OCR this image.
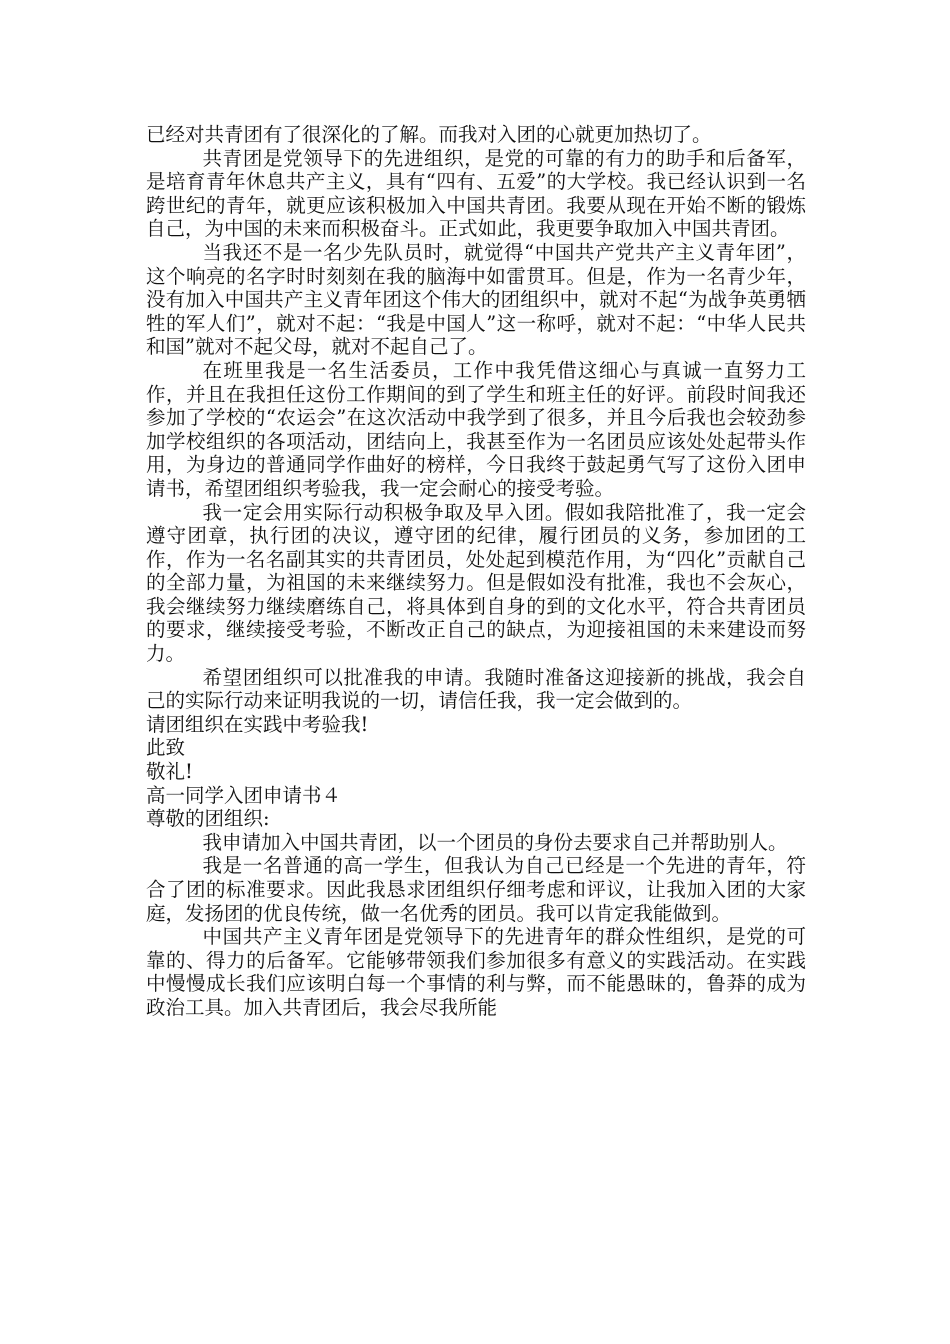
已经对共青团有了很深化的了解。而我对入团的心就更加热切了。

共青团是党领导下的先进组织，是党的可靠的有力的助手和后备军，是培育青年休息共产主义，具有“四有、五爱”的大学校。我已经认识到一名跨世纪的青年，就更应该积极加入中国共青团。我要从现在开始不断的锻炼自己，为中国的未来而积极奋斗。正式如此，我更要争取加入中国共青团。

当我还不是一名少先队员时，就觉得“中国共产党共产主义青年团”，这个响亮的名字时时刻刻在我的脑海中如雷贯耳。但是，作为一名青少年，没有加入中国共产主义青年团这个伟大的团组织中，就对不起“为战争英勇牺牲的军人们”，就对不起：“我是中国人”这一称呼，就对不起：“中华人民共和国”就对不起父母，就对不起自己了。

在班里我是一名生活委员，工作中我凭借这细心与真诚一直努力工作，并且在我担任这份工作期间的到了学生和班主任的好评。前段时间我还参加了学校的“农运会”在这次活动中我学到了很多，并且今后我也会较劲参加学校组织的各项活动，团结向上，我甚至作为一名团员应该处处起带头作用，为身边的普通同学作曲好的榜样，今日我终于鼓起勇气写了这份入团申请书，希望团组织考验我，我一定会耐心的接受考验。

我一定会用实际行动积极争取及早入团。假如我陪批准了，我一定会遵守团章，执行团的决议，遵守团的纪律，履行团员的义务，参加团的工作，作为一名名副其实的共青团员，处处起到模范作用，为“四化”贡献自己的全部力量，为祖国的未来继续努力。但是假如没有批准，我也不会灰心，我会继续努力继续磨练自己，将具体到自身的到的文化水平，符合共青团员的要求，继续接受考验，不断改正自己的缺点，为迎接祖国的未来建设而努力。

希望团组织可以批准我的申请。我随时准备这迎接新的挑战，我会自己的实际行动来证明我说的一切，请信任我，我一定会做到的。

请团组织在实践中考验我!

此致

敬礼!

高一同学入团申请书４

尊敬的团组织:

我申请加入中国共青团，以一个团员的身份去要求自己并帮助别人。

我是一名普通的高一学生，但我认为自己已经是一个先进的青年，符合了团的标准要求。因此我恳求团组织仔细考虑和评议，让我加入团的大家庭，发扬团的优良传统，做一名优秀的团员。我可以肯定我能做到。

中国共产主义青年团是党领导下的先进青年的群众性组织，是党的可靠的、得力的后备军。它能够带领我们参加很多有意义的实践活动。在实践中慢慢成长我们应该明白每一个事情的利与弊，而不能愚昧的，鲁莽的成为政治工具。加入共青团后，我会尽我所能
